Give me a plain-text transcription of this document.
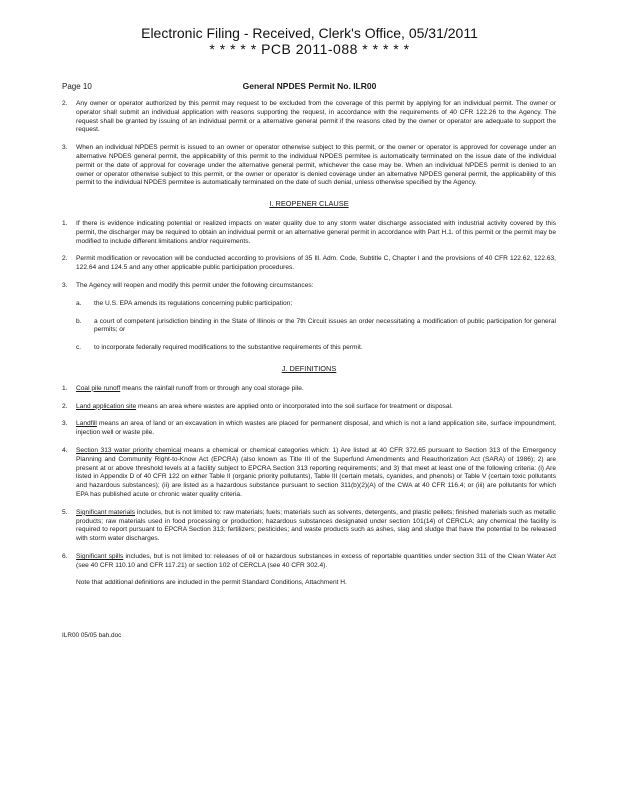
Electronic Filing - Received, Clerk's Office, 05/31/2011
* * * * * PCB 2011-088 * * * * *
Page 10	General NPDES Permit No. ILR00
2. Any owner or operator authorized by this permit may request to be excluded from the coverage of this permit by applying for an individual permit. The owner or operator shall submit an individual application with reasons supporting the request, in accordance with the requirements of 40 CFR 122.26 to the Agency. The request shall be granted by issuing of an individual permit or a alternative general permit if the reasons cited by the owner or operator are adequate to support the request.
3. When an individual NPDES permit is issued to an owner or operator otherwise subject to this permit, or the owner or operator is approved for coverage under an alternative NPDES general permit, the applicability of this permit to the individual NPDES permitee is automatically terminated on the issue date of the individual permit or the date of approval for coverage under the alternative general permit, whichever the case may be. When an individual NPDES permit is denied to an owner or operator otherwise subject to this permit, or the owner or operator is denied coverage under an alternative NPDES general permit, the applicability of this permit to the individual NPDES permitee is automatically terminated on the date of such denial, unless otherwise specified by the Agency.
I. REOPENER CLAUSE
1. If there is evidence indicating potential or realized impacts on water quality due to any storm water discharge associated with industrial activity covered by this permit, the discharger may be required to obtain an individual permit or an alternative general permit in accordance with Part H.1. of this permit or the permit may be modified to include different limitations and/or requirements.
2. Permit modification or revocation will be conducted according to provisions of 35 Ill. Adm. Code, Subtitle C, Chapter I and the provisions of 40 CFR 122.62, 122.63, 122.64 and 124.5 and any other applicable public participation procedures.
3. The Agency will reopen and modify this permit under the following circumstances:
a. the U.S. EPA amends its regulations concerning public participation;
b. a court of competent jurisdiction binding in the State of Illinois or the 7th Circuit issues an order necessitating a modification of public participation for general permits; or
c. to incorporate federally required modifications to the substantive requirements of this permit.
J. DEFINITIONS
1. Coal pile runoff means the rainfall runoff from or through any coal storage pile.
2. Land application site means an area where wastes are applied onto or incorporated into the soil surface for treatment or disposal.
3. Landfill means an area of land or an excavation in which wastes are placed for permanent disposal, and which is not a land application site, surface impoundment, injection well or waste pile.
4. Section 313 water priority chemical means a chemical or chemical categories which: 1) Are listed at 40 CFR 372.65 pursuant to Section 313 of the Emergency Planning and Community Right-to-Know Act (EPCRA) (also known as Title III of the Superfund Amendments and Reauthorization Act (SARA) of 1986); 2) are present at or above threshold levels at a facility subject to EPCRA Section 313 reporting requirements; and 3) that meet at least one of the following criteria: (i) Are listed in Appendix D of 40 CFR 122 on either Table II (organic priority pollutants), Table III (certain metals, cyanides, and phenols) or Table V (certain toxic pollutants and hazardous substances); (ii) are listed as a hazardous substance pursuant to section 311(b)(2)(A) of the CWA at 40 CFR 116.4; or (iii) are pollutants for which EPA has published acute or chronic water quality criteria.
5. Significant materials includes, but is not limited to: raw materials; fuels; materials such as solvents, detergents, and plastic pellets; finished materials such as metallic products; raw materials used in food processing or production; hazardous substances designated under section 101(14) of CERCLA; any chemical the facility is required to report pursuant to EPCRA Section 313; fertilizers; pesticides; and waste products such as ashes, slag and sludge that have the potential to be released with storm water discharges.
6. Significant spills includes, but is not limited to: releases of oil or hazardous substances in excess of reportable quantities under section 311 of the Clean Water Act (see 40 CFR 110.10 and CFR 117.21) or section 102 of CERCLA (see 40 CFR 302.4).
Note that additional definitions are included in the permit Standard Conditions, Attachment H.
ILR00 05/05 bah.doc
